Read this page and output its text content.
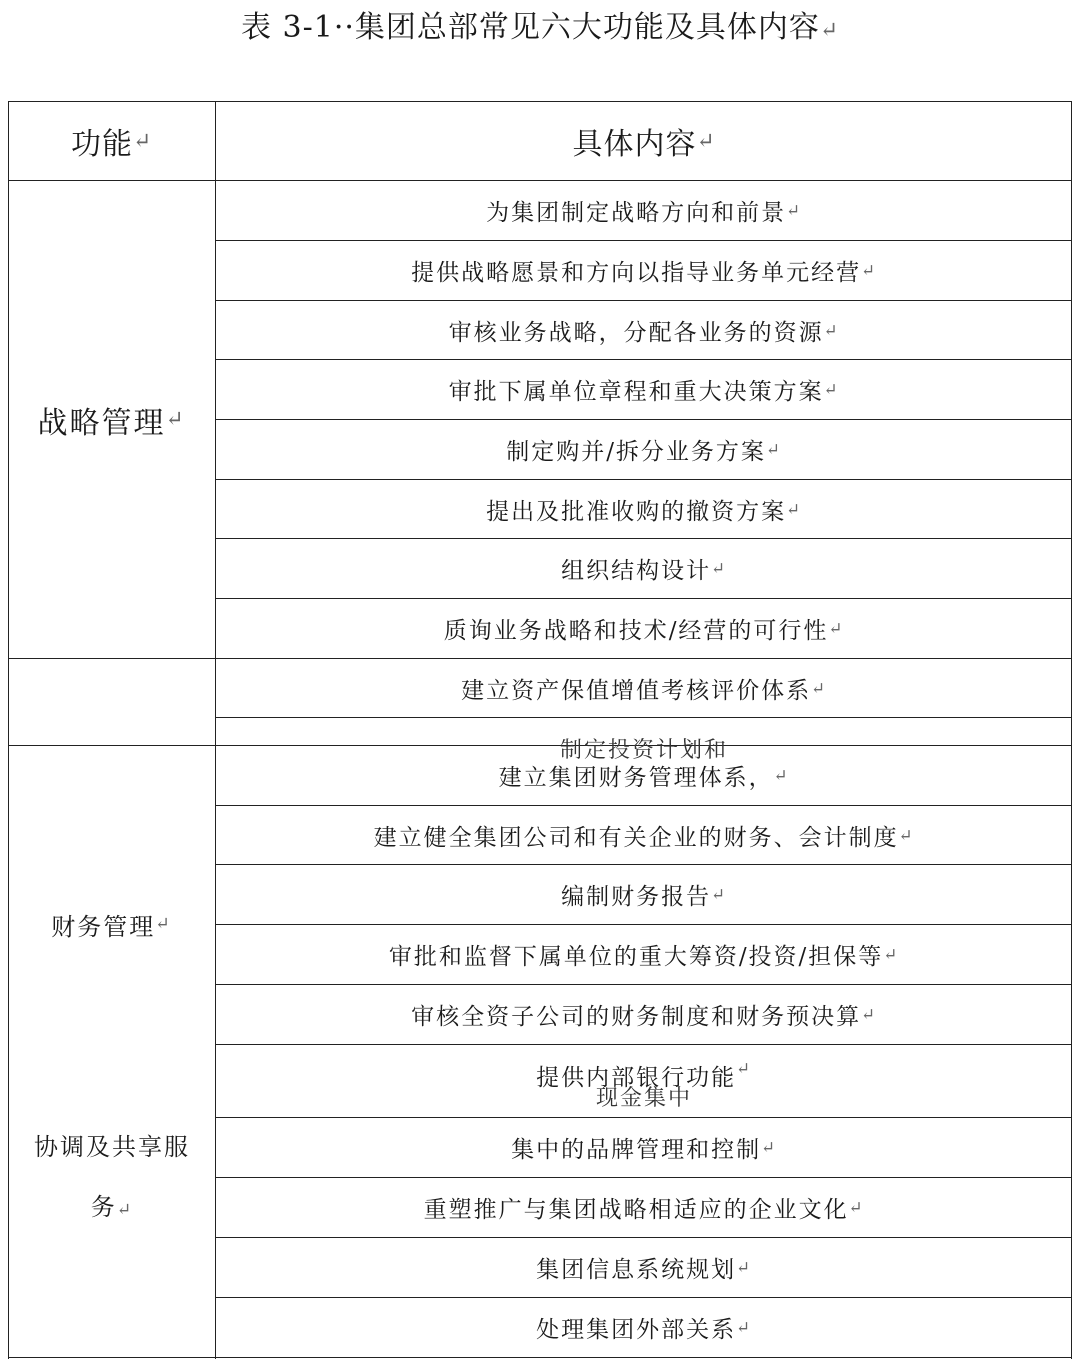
表 3-1··集团总部常见六大功能及具体内容↵
功能 ↵	具体内容 ↵
战略管理 ↵
为集团制定战略方向和前景 ↵
提供战略愿景和方向以指导业务单元经营 ↵
审核业务战略，分配各业务的资源 ↵
审批下属单位章程和重大决策方案 ↵
制定购并/拆分业务方案 ↵
提出及批准收购的撤资方案 ↵
组织结构设计 ↵
质询业务战略和技术/经营的可行性 ↵
建立资产保值增值考核评价体系 ↵
制定投资计划和
财务管理 ↵
建立集团财务管理体系， ↵
建立健全集团公司和有关企业的财务、会计制度 ↵
编制财务报告 ↵
审批和监督下属单位的重大筹资/投资/担保等 ↵
审核全资子公司的财务制度和财务预决算 ↵
提供内部银行功能 ↵
现金集中
协调及共享服务↵
集中的品牌管理和控制 ↵
重塑推广与集团战略相适应的企业文化 ↵
集团信息系统规划 ↵
处理集团外部关系 ↵
